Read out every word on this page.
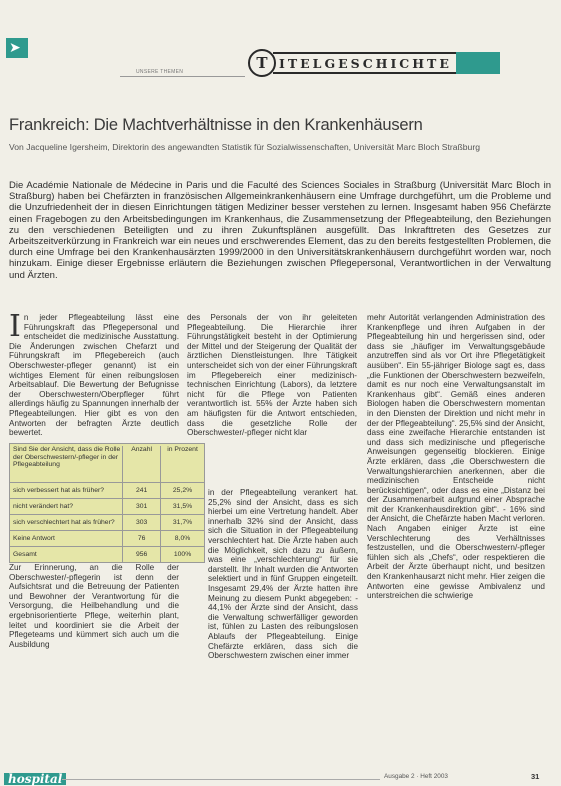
➤
UNSERE THEMEN	T ITELGESCHICHTE
Frankreich: Die Machtverhältnisse in den Krankenhäusern
Von Jacqueline Igersheim, Direktorin des angewandten Statistik für Sozialwissenschaften, Universität Marc Bloch Straßburg
Die Académie Nationale de Médecine in Paris und die Faculté des Sciences Sociales in Straßburg (Universität Marc Bloch in Straßburg) haben bei Chefärzten in französischen Allgemeinkrankenhäusern eine Umfrage durchgeführt, um die Probleme und die Unzufriedenheit der in diesen Einrichtungen tätigen Mediziner besser verstehen zu lernen. Insgesamt haben 956 Chefärzte einen Fragebogen zu den Arbeitsbedingungen im Krankenhaus, die Zusammensetzung der Pflegeabteilung, den Beziehungen zu den verschiedenen Beteiligten und zu ihren Zukunftsplänen ausgefüllt. Das Inkrafttreten des Gesetzes zur Arbeitszeitverkürzung in Frankreich war ein neues und erschwerendes Element, das zu den bereits festgestellten Problemen, die durch eine Umfrage bei den Krankenhausärzten 1999/2000 in den Universitätskrankenhäusern durchgeführt worden war, noch hinzukam. Einige dieser Ergebnisse erläutern die Beziehungen zwischen Pflegepersonal, Verantwortlichen in der Verwaltung und Ärzten.
In jeder Pflegeabteilung lässt eine Führungskraft das Pflegepersonal und entscheidet die medizinische Ausstattung. Die Änderungen zwischen Chefarzt und Führungskraft im Pflegebereich (auch Oberschwester-pfleger genannt) ist ein wichtiges Element für einen reibungslosen Arbeitsablauf. Die Bewertung der Befugnisse der Oberschwestern/Oberpfleger führt allerdings häufig zu Spannungen innerhalb der Pflegeabteilungen. Hier gibt es von den Antworten der befragten Ärzte deutlich bewertet.
Sind Sie der Ansicht, dass die Rolle der Oberschwestern/-pfleger in der Pflegeabteilung
Anzahl	in Prozent
sich verbessert hat als früher?	241	25,2%
nicht verändert hat?	301	31,5%
sich verschlechtert hat als früher?	303	31,7%
Keine Antwort	76	8,0%
Gesamt	956	100%
Zur Erinnerung, an die Rolle der Oberschwester/-pflegerin ist denn der Aufsichtsrat und die Betreuung der Patienten und Bewohner der Verantwortung für die Versorgung, die Heilbehandlung und die ergebnisorientierte Pflege, weiterhin plant, leitet und koordiniert sie die Arbeit der Pflegeteams und kümmert sich auch um die Ausbildung
des Personals der von ihr geleiteten Pflegeabteilung. Die Hierarchie ihrer Führungstätigkeit besteht in der Optimierung der Mittel und der Steigerung der Qualität der ärztlichen Dienstleistungen. Ihre Tätigkeit unterscheidet sich von der einer Führungskraft im Pflegebereich einer medizinisch-technischen Einrichtung (Labors), da letztere nicht für die Pflege von Patienten verantwortlich ist. 55% der Ärzte haben sich am häufigsten für die Antwort entschieden, dass die gesetzliche Rolle der Oberschwester/-pfleger nicht klar
in der Pflegeabteilung verankert hat. 25,2% sind der Ansicht, dass es sich hierbei um eine Vertretung handelt. Aber innerhalb 32% sind der Ansicht, dass sich die Situation in der Pflegeabteilung verschlechtert hat. Die Ärzte haben auch die Möglichkeit, sich dazu zu äußern, was eine „verschlechterung“ für sie darstellt. Ihr Inhalt wurden die Antworten selektiert und in fünf Gruppen eingeteilt. Insgesamt 29,4% der Ärzte hatten ihre Meinung zu diesem Punkt abgegeben: - 44,1% der Ärzte sind der Ansicht, dass die Verwaltung schwerfälliger geworden ist, fühlen zu Lasten des reibungslosen Ablaufs der Pflegeabteilung. Einige Chefärzte erklären, dass sich die Oberschwestern zwischen einer immer
mehr Autorität verlangenden Administration des Krankenpflege und ihren Aufgaben in der Pflegeabteilung hin und hergerissen sind, oder dass sie „häufiger im Verwaltungsgebäude anzutreffen sind als vor Ort ihre Pflegetätigkeit ausüben“. Ein 55-jähriger Biologe sagt es, dass „die Funktionen der Oberschwestern bezweifeln, damit es nur noch eine Verwaltungsanstalt im Krankenhaus gibt“. Gemäß eines anderen Biologen haben die Oberschwestern momentan in den Diensten der Direktion und nicht mehr in der der Pflegeabteilung“. 25,5% sind der Ansicht, dass eine zweifache Hierarchie entstanden ist und dass sich medizinische und pflegerische Anweisungen gegenseitig blockieren. Einige Ärzte erklären, dass „die Oberschwestern die Verwaltungshierarchien anerkennen, aber die medizinischen Entscheide nicht berücksichtigen“, oder dass es eine „Distanz bei der Zusammenarbeit aufgrund einer Absprache mit der Krankenhausdirektion gibt“. - 16% sind der Ansicht, die Chefärzte haben Macht verloren. Nach Angaben einiger Ärzte ist eine Verschlechterung des Verhältnisses festzustellen, und die Oberschwestern/-pfleger fühlen sich als „Chefs“, oder respektieren die Arbeit der Ärzte überhaupt nicht, und besitzen den Krankenhausarzt nicht mehr. Hier zeigen die Antworten eine gewisse Ambivalenz und unterstreichen die schwierige
hospital	Ausgabe 2 · Heft 2003	31
